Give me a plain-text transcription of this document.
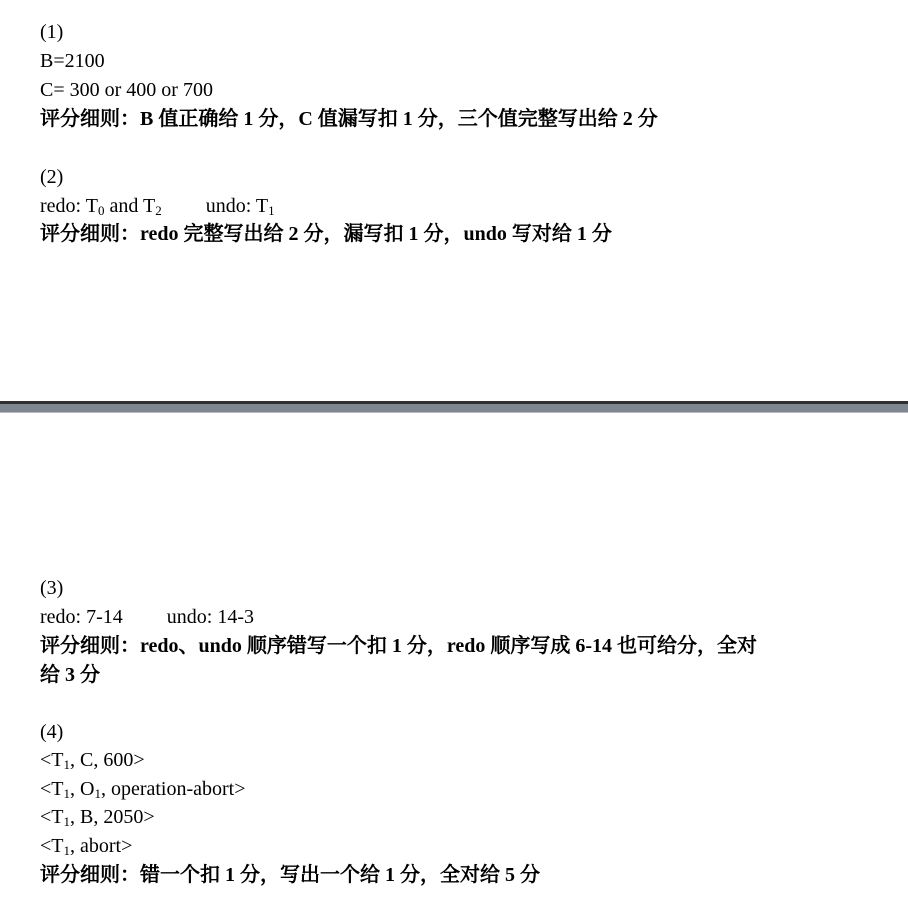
(1)
B=2100
C= 300 or 400 or 700
评分细则：B 值正确给 1 分，C 值漏写扣 1 分，三个值完整写出给 2 分
(2)
redo: $T_0$ and $T_2$ undo: $T_1$
评分细则：redo 完整写出给 2 分，漏写扣 1 分，undo 写对给 1 分
(3)
redo: 7-14 undo: 14-3
评分细则：redo、undo 顺序错写一个扣 1 分，redo 顺序写成 6-14 也可给分，全对
给 3 分
(4)
$<T_1$, C, 600>
$<T_1$, $O_1$, operation-abort>
$<T_1$, B, 2050>
$<T_1$, abort>
评分细则：错一个扣 1 分，写出一个给 1 分，全对给 5 分
